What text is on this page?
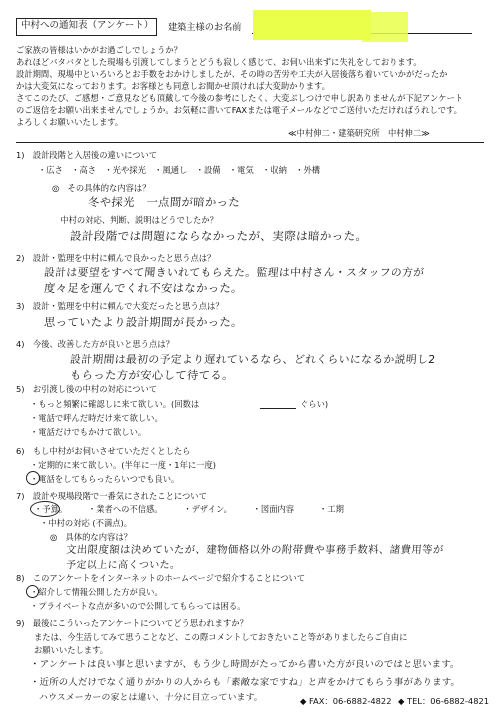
中村への通知表（アンケート） 建築主様のお名前
ご家族の皆様はいかがお過ごしでしょうか？
あれほどバタバタとした現場も引渡してしまうとどうも寂しく感じて、お伺い出来ずに失礼をしております。
設計期間、現場中といろいろとお手数をおかけしましたが、その時の苦労や工夫が入居後落ち着いていかがだったか
かは大変気になっております。お客様とも同意しお聞かせ頂ければ大変助かります。
さてこのたび、ご感想・ご意見なども頂戴して今後の参考にしたく、大変ぶしつけで申し訳ありませんが下記アンケート
のご返信をお願い出来ませんでしょうか。お気軽に書いてFAXまたは電子メールなどでご送付いただければうれしです。
よろしくお願いいたします。
≪中村伸二・建築研究所　中村伸二≫
1)　設計段階と入居後の違いについて
・広さ　・高さ　・光や採光　・風通し　・設備　・電気　・収納　・外構
◎　その具体的な内容は？
冬や採光　一点間が暗かった
　中村の対応、判断、説明はどうでしたか？
設計段階では問題にならなかったが、実際は暗かった。
2)　設計・監理を中村に頼んで良かったと思う点は？
設計は要望をすべて聞きいれてもらえた。監理は中村さん・スタッフの方が
度々足を運んでくれ不安はなかった。
3)　設計・監理を中村に頼んで大変だったと思う点は？
思っていたより設計期間が長かった。
4)　今後、改善した方が良いと思う点は？
設計期間は最初の予定より遅れているなら、どれくらいになるか説明し2
もらった方が安心して待てる。
5)　お引渡し後の中村の対応について
・もっと頻繁に確認しに来て欲しい。(回数は	ぐらい)
・電話で呼んだ時だけ来て欲しい。
・電話だけでもかけて欲しい。
6)　もし中村がお伺いさせていただくとしたら
・定期的に来て欲しい。(半年に一度・1年に一度)
・電話をしてもらったらいつでも良い。
7)　設計や現場段階で一番気にされたことについて
・予算。　　　・業者への不信感。　　　・デザイン。　　　・図面内容　　　・工期
・中村の対応 (不満点)。
◎　具体的な内容は？
文出限度額は決めていたが、建物価格以外の附帯費や事務手数料、諸費用等が
予定以上に高くついた。
8)　このアンケートをインターネットのホームページで紹介することについて
・紹介して情報公開した方が良い。
・プライベートな点が多いので公開してもらっては困る。
9)　最後にこういったアンケートについてどう思われますか？
または、今生活してみて思うことなど、この際コメントしておきたいこと等がありましたらご自由に
お願いいたします。
・アンケートは良い事と思いますが、もう少し時間がたってから書いた方が良いのではと思います。
・近所の人だけでなく通りがかりの人からも「素敵な家ですね」と声をかけてもらう事があります。
　ハウスメーカーの家とは違い、十分に目立っています。	◆ FAX：06-6882-4822 ◆ TEL：06-6882-4821
